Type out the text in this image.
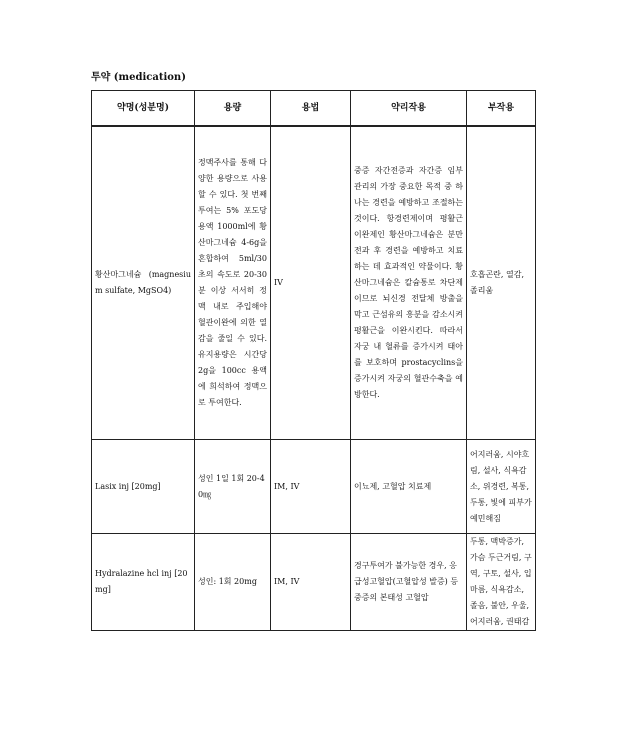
투약 (medication)
약명(성분명)	용량	용법	약리작용	부작용
황산마그네슘 (magnesium sulfate, MgSO4)	정맥주사를 통해 다양한 용량으로 사용할 수 있다. 첫 번째 투여는 5% 포도당 용액 1000ml에 황산마그네슘 4-6g을 혼합하여 5ml/30초의 속도로 20-30분 이상 서서히 정맥 내로 주입해야 혈관이완에 의한 열감을 줄일 수 있다. 유지용량은 시간당 2g을 100cc 용액에 희석하여 정맥으로 투여한다.	IV	중증 자간전증과 자간증 임부 관리의 가장 중요한 목적 중 하나는 경련을 예방하고 조절하는 것이다. 항경련제이며 평활근 이완제인 황산마그네슘은 분만 전과 후 경련을 예방하고 치료하는 데 효과적인 약물이다. 황산마그네슘은 칼슘통로 차단제이므로 뇌신경 전달체 방출을 막고 근섬유의 흥분을 감소시켜 평활근을 이완시킨다. 따라서 자궁 내 혈류를 증가시켜 태아를 보호하며 prostacyclins을 증가시켜 자궁의 혈관수축을 예방한다.	호흡곤란, 열감, 졸리움
Lasix inj [20mg]	성인 1일 1회 20-40㎎	IM, IV	이뇨제, 고혈압 치료제	어지러움, 시야흐림, 설사, 식욕감소, 위경련, 복통, 두통, 빛에 피부가 예민해짐
Hydralazine hcl inj [20mg]	성인: 1회 20mg	IM, IV	경구투여가 불가능한 경우, 응급성고혈압(고혈압성 발증) 등 중증의 본태성 고혈압	두통, 맥박증가, 가슴 두근거림, 구역, 구토, 설사, 입마름, 식욕감소, 졸음, 불안, 우울, 어지러움, 권태감
